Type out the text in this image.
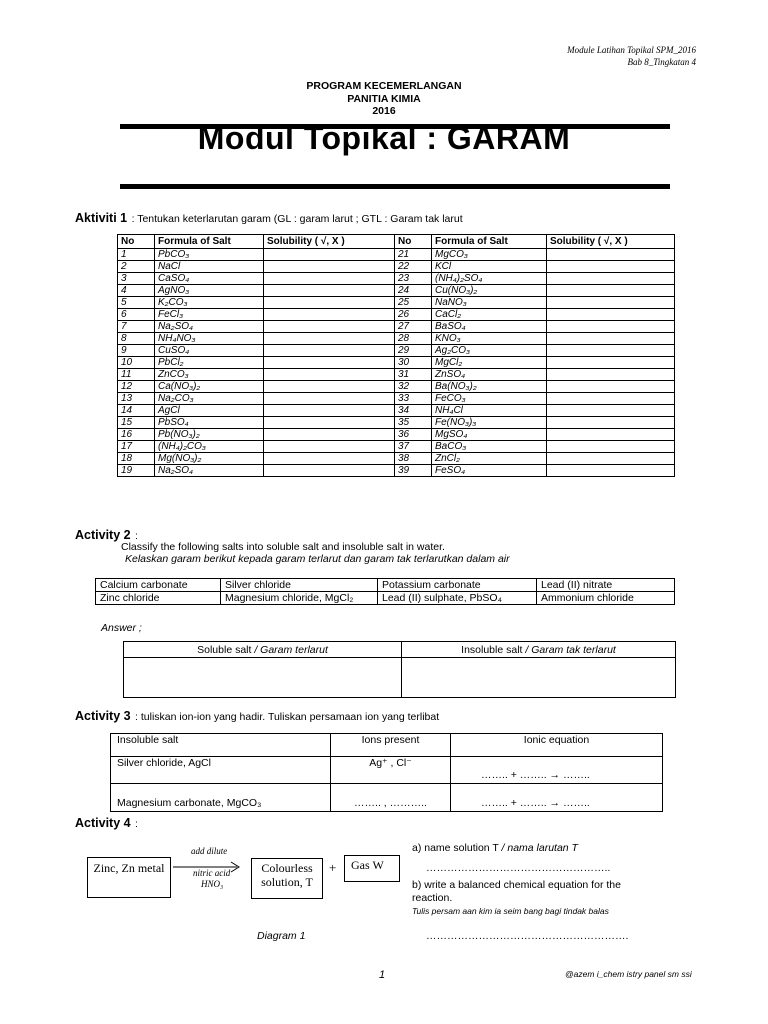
Module Latihan Topikal SPM_2016
Bab 8_Tingkatan 4
PROGRAM KECEMERLANGAN
PANITIA KIMIA
2016
Modul Topikal : GARAM
Aktiviti 1 : Tentukan keterlarutan garam (GL : garam larut ; GTL : Garam tak larut
No	Formula of Salt	Solubility ( √, X )	No	Formula of Salt	Solubility ( √, X )
1	PbCO₃		21	MgCO₃	
2	NaCl		22	KCl	
3	CaSO₄		23	(NH₄)₂SO₄	
4	AgNO₃		24	Cu(NO₃)₂	
5	K₂CO₃		25	NaNO₃	
6	FeCl₃		26	CaCl₂	
7	Na₂SO₄		27	BaSO₄	
8	NH₄NO₃		28	KNO₃	
9	CuSO₄		29	Ag₂CO₃	
10	PbCl₂		30	MgCl₂	
11	ZnCO₃		31	ZnSO₄	
12	Ca(NO₃)₂		32	Ba(NO₃)₂	
13	Na₂CO₃		33	FeCO₃	
14	AgCl		34	NH₄Cl	
15	PbSO₄		35	Fe(NO₃)₃	
16	Pb(NO₃)₂		36	MgSO₄	
17	(NH₄)₂CO₃		37	BaCO₃	
18	Mg(NO₃)₂		38	ZnCl₂	
19	Na₂SO₄		39	FeSO₄	
Activity 2 :
Classify the following salts into soluble salt and insoluble salt in water.
Kelaskan garam berikut kepada garam terlarut dan garam tak terlarutkan dalam air
Calcium carbonate	Silver chloride	Potassium carbonate	Lead (II) nitrate
Zinc chloride	Magnesium chloride, MgCl₂	Lead (II) sulphate, PbSO₄	Ammonium chloride
Answer ;
Soluble salt / Garam terlarut	Insoluble salt / Garam tak terlarut

Activity 3 : tuliskan ion-ion yang hadir. Tuliskan persamaan ion yang terlibat
Insoluble salt	Ions present	Ionic equation
Silver chloride, AgCl	Ag⁺ , Cl⁻	…….. + …….. → ……..
Magnesium carbonate, MgCO₃	…….. , ………..	…….. + …….. → ……..
Activity 4 :
Zinc, Zn metal
add dilute
nitric acid
HNO₃
Colourless solution, T
+	Gas W
a) name solution T / nama larutan T
……………………………………………..
b) write a balanced chemical equation for the reaction.
Tulis persam aan kim ia seim bang bagi tindak balas
Diagram 1	………………………………………………….
1	@azem i_chem istry panel sm ssi
